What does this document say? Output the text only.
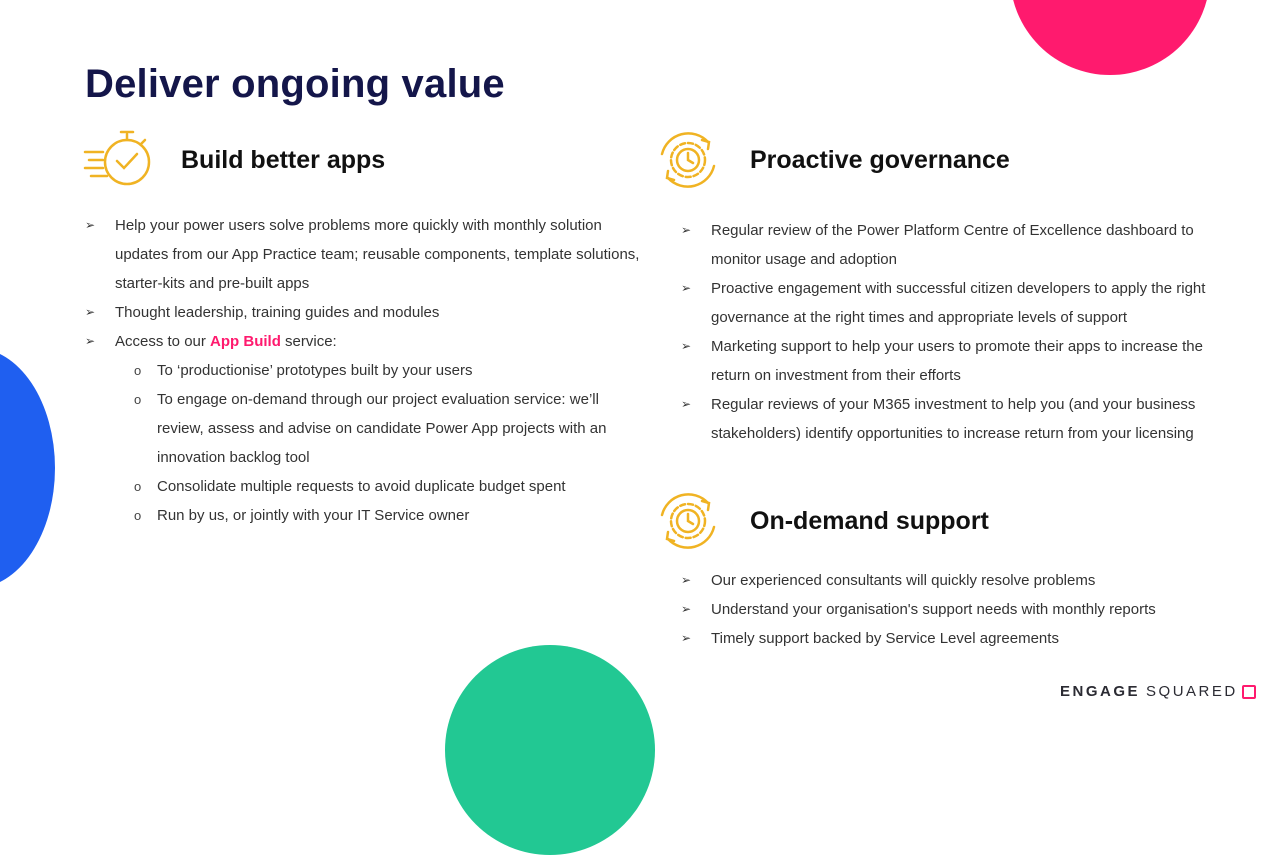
Deliver ongoing value
Build better apps
➢ Help your power users solve problems more quickly with monthly solution updates from our App Practice team; reusable components, template solutions, starter-kits and pre-built apps
➢ Thought leadership, training guides and modules
➢ Access to our App Build service:
o To ‘productionise’ prototypes built by your users
o To engage on-demand through our project evaluation service: we’ll review, assess and advise on candidate Power App projects with an innovation backlog tool
o Consolidate multiple requests to avoid duplicate budget spent
o Run by us, or jointly with your IT Service owner
Proactive governance
➢ Regular review of the Power Platform Centre of Excellence dashboard to monitor usage and adoption
➢ Proactive engagement with successful citizen developers to apply the right governance at the right times and appropriate levels of support
➢ Marketing support to help your users to promote their apps to increase the return on investment from their efforts
➢ Regular reviews of your M365 investment to help you (and your business stakeholders) identify opportunities to increase return from your licensing
On-demand support
➢ Our experienced consultants will quickly resolve problems
➢ Understand your organisation's support needs with monthly reports
➢ Timely support backed by Service Level agreements
ENGAGE SQUARED
